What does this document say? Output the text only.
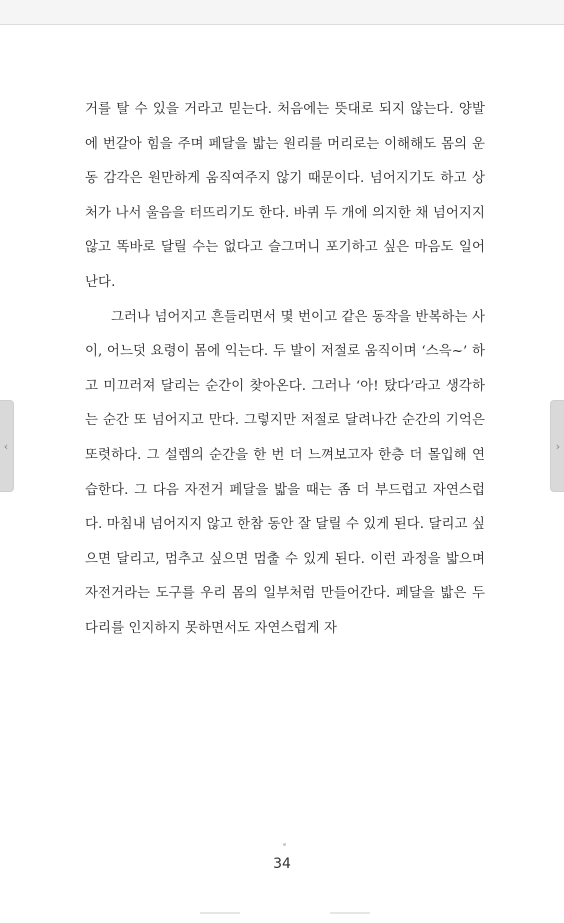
거를 탈 수 있을 거라고 믿는다. 처음에는 뜻대로 되지 않는다. 양발에 번갈아 힘을 주며 페달을 밟는 원리를 머리로는 이해해도 몸의 운동 감각은 원만하게 움직여주지 않기 때문이다. 넘어지기도 하고 상처가 나서 울음을 터뜨리기도 한다. 바퀴 두 개에 의지한 채 넘어지지 않고 똑바로 달릴 수는 없다고 슬그머니 포기하고 싶은 마음도 일어난다.

그러나 넘어지고 흔들리면서 몇 번이고 같은 동작을 반복하는 사이, 어느덧 요령이 몸에 익는다. 두 발이 저절로 움직이며 ‘스윽~’ 하고 미끄러져 달리는 순간이 찾아온다. 그러나 ‘아! 탔다’라고 생각하는 순간 또 넘어지고 만다. 그렇지만 저절로 달려나간 순간의 기억은 또렷하다. 그 설렘의 순간을 한 번 더 느껴보고자 한층 더 몰입해 연습한다. 그 다음 자전거 페달을 밟을 때는 좀 더 부드럽고 자연스럽다. 마침내 넘어지지 않고 한참 동안 잘 달릴 수 있게 된다. 달리고 싶으면 달리고, 멈추고 싶으면 멈출 수 있게 된다. 이런 과정을 밟으며 자전거라는 도구를 우리 몸의 일부처럼 만들어간다. 페달을 밟은 두 다리를 인지하지 못하면서도 자연스럽게 자

34
‹	›
